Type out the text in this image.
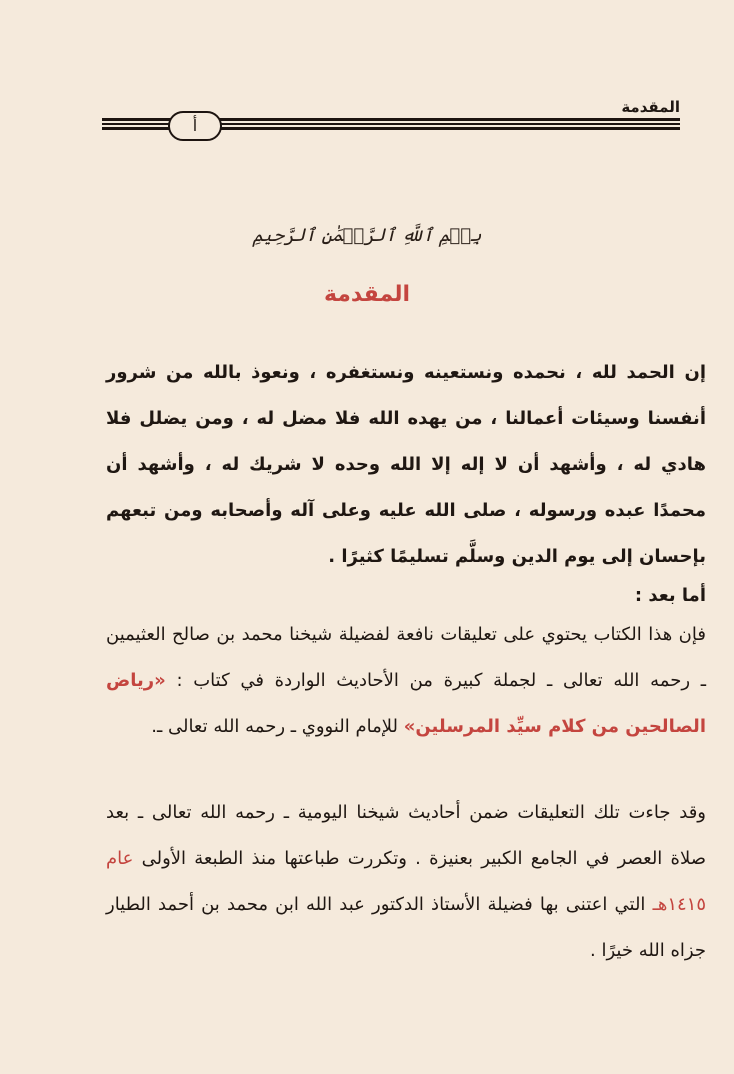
المقدمة
أ
بِسۡمِ ٱللَّهِ ٱلرَّحۡمَٰنِ ٱلرَّحِيمِ
المقدمة

إن الحمد لله ، نحمده ونستعينه ونستغفره ، ونعوذ بالله من شرور أنفسنا وسيئات أعمالنا ، من يهده الله فلا مضل له ، ومن يضلل فلا هادي له ، وأشهد أن لا إله إلا الله وحده لا شريك له ، وأشهد أن محمدًا عبده ورسوله ، صلى الله عليه وعلى آله وأصحابه ومن تبعهم بإحسان إلى يوم الدين وسلَّم تسليمًا كثيرًا .

أما بعد :

فإن هذا الكتاب يحتوي على تعليقات نافعة لفضيلة شيخنا محمد بن صالح العثيمين ـ رحمه الله تعالى ـ لجملة كبيرة من الأحاديث الواردة في كتاب : «رياض الصالحين من كلام سيِّد المرسلين» للإمام النووي ـ رحمه الله تعالى ـ.

وقد جاءت تلك التعليقات ضمن أحاديث شيخنا اليومية ـ رحمه الله تعالى ـ بعد صلاة العصر في الجامع الكبير بعنيزة . وتكررت طباعتها منذ الطبعة الأولى عام ١٤١٥هـ التي اعتنى بها فضيلة الأستاذ الدكتور عبد الله ابن محمد بن أحمد الطيار جزاه الله خيرًا .
